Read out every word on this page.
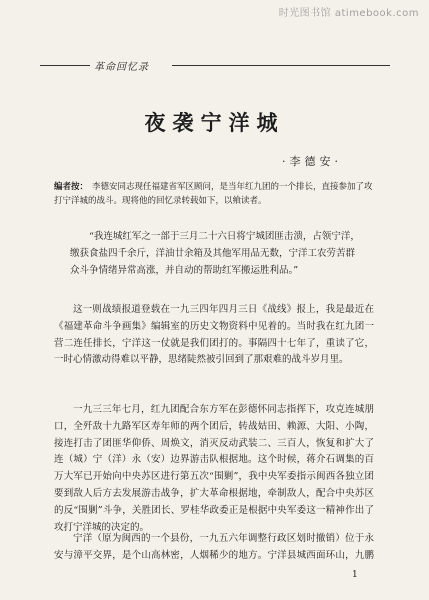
时光图书馆 atimebook.com
革命回忆录
夜袭宁洋城
·李德安·

编者按： 李德安同志现任福建省军区顾问，是当年红九团的一个排长，直接参加了攻打宁洋城的战斗。现将他的回忆录转载如下，以飨读者。

“我连城红军之一部于三月二十六日将宁城团匪击溃，占领宁洋，缴获食盐四千余斤，洋油廿余箱及其他军用品无数，宁洋工农劳苦群众斗争情绪异常高涨，并自动的帮助红军搬运胜利品。”

这一则战绩报道登载在一九三四年四月三日《战线》报上，我是最近在《福建革命斗争画集》编辑室的历史文物资料中见着的。当时我在红九团一营二连任排长，宁洋这一仗就是我们团打的。事隔四十七年了，重读了它，一时心情激动得难以平静，思绪陡然被引回到了那艰难的战斗岁月里。

一九三三年七月，红九团配合东方军在彭德怀同志指挥下，攻克连城朋口，全歼敌十九路军区寿年师的两个团后，转战姑田、赖源、大阳、小陶，接连打击了团匪华仰侨、周焕文，消灭反动武装二、三百人，恢复和扩大了连（城）宁（洋）永（安）边界游击队根据地。这个时候，蒋介石调集的百万大军已开始向中央苏区进行第五次“围剿”，我中央军委指示闽西各独立团要到敌人后方去发展游击战争，扩大革命根据地，牵制敌人，配合中央苏区的反“围剿”斗争，关胜团长、罗桂华政委正是根据中央军委这一精神作出了攻打宁洋城的决定的。

宁洋（原为闽西的一个县份，一九五六年调整行政区划时撤销）位于永安与漳平交界，是个山高林密，人烟稀少的地方。宁洋县城西面环山，九鹏
1
